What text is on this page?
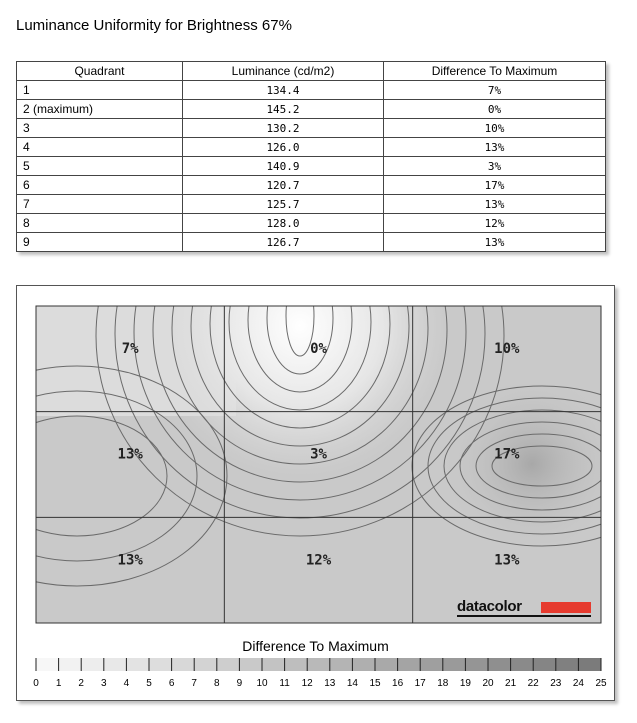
Luminance Uniformity for Brightness 67%
Quadrant	Luminance (cd/m2)	Difference To Maximum
1	134.4	7%
2 (maximum)	145.2	0%
3	130.2	10%
4	126.0	13%
5	140.9	3%
6	120.7	17%
7	125.7	13%
8	128.0	12%
9	126.7	13%
7%	0%	10%
13%	3%	17%
13%	12%	13%
0 1 2 3 4 5 6 7 8 9 10 11 12 13 14 15 16 17 18 19 20 21 22 23 24 25
datacolor
Difference To Maximum
